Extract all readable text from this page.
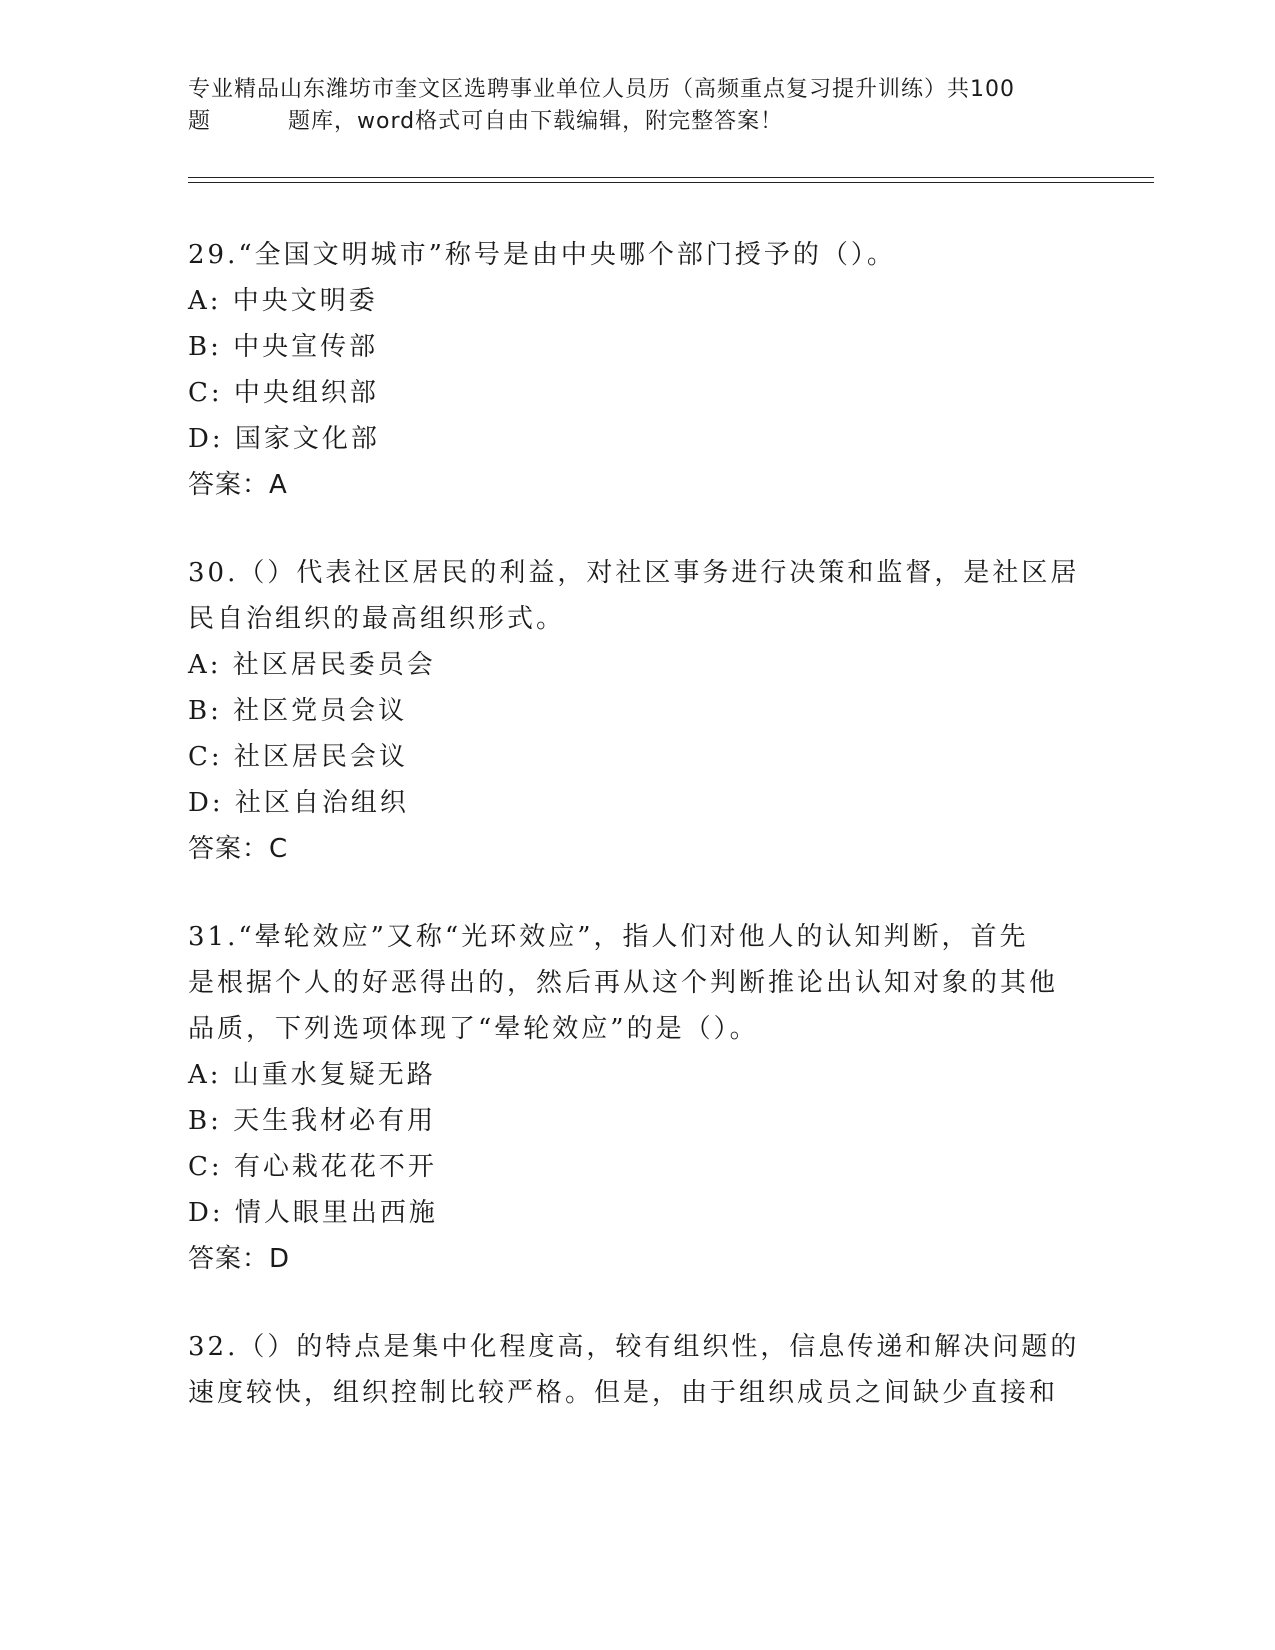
专业精品山东潍坊市奎文区选聘事业单位人员历（高频重点复习提升训练）共100
题	题库，word格式可自由下载编辑，附完整答案！

29.“全国文明城市”称号是由中央哪个部门授予的（）。

A: 中央文明委

B: 中央宣传部

C: 中央组织部

D: 国家文化部

答案：A

30.（）代表社区居民的利益，对社区事务进行决策和监督，是社区居

民自治组织的最高组织形式。

A: 社区居民委员会

B: 社区党员会议

C: 社区居民会议

D: 社区自治组织

答案：C

31.“晕轮效应”又称“光环效应”，指人们对他人的认知判断，首先

是根据个人的好恶得出的，然后再从这个判断推论出认知对象的其他

品质，下列选项体现了“晕轮效应”的是（）。

A: 山重水复疑无路

B: 天生我材必有用

C: 有心栽花花不开

D: 情人眼里出西施

答案：D

32.（）的特点是集中化程度高，较有组织性，信息传递和解决问题的

速度较快，组织控制比较严格。但是，由于组织成员之间缺少直接和
